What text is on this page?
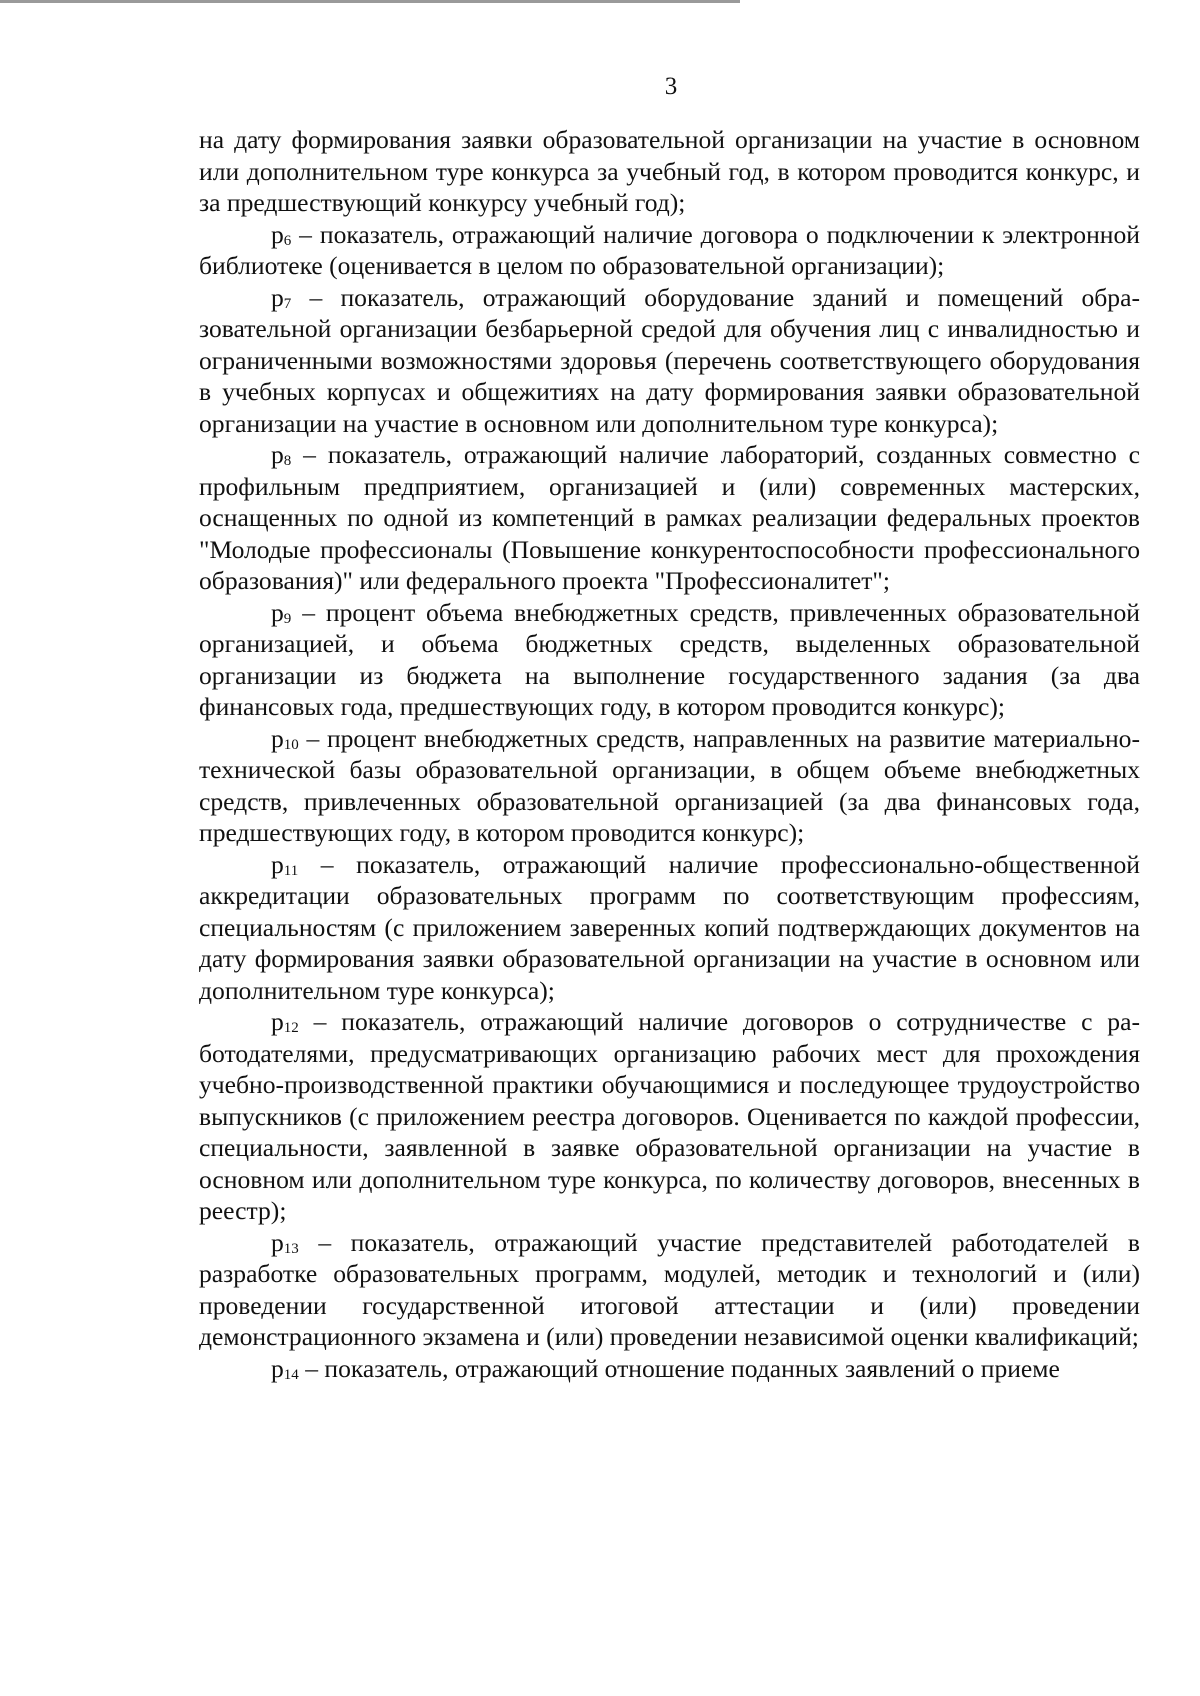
3

на дату формирования заявки образовательной организации на участие в основном или дополнительном туре конкурса за учебный год, в котором проводится конкурс, и за предшествующий конкурсу учебный год);

$p_6$ – показатель, отражающий наличие договора о подключении к электронной библиотеке (оценивается в целом по образовательной организации);

$p_7$ – показатель, отражающий оборудование зданий и помещений образовательной организации безбарьерной средой для обучения лиц с инвалидностью и ограниченными возможностями здоровья (перечень соответствующего оборудования в учебных корпусах и общежитиях на дату формирования заявки образовательной организации на участие в основном или дополнительном туре конкурса);

$p_8$ – показатель, отражающий наличие лабораторий, созданных совместно с профильным предприятием, организацией и (или) современных мастерских, оснащенных по одной из компетенций в рамках реализации федеральных проектов "Молодые профессионалы (Повышение конкурентоспособности профессионального образования)" или федерального проекта "Профессионалитет";

$p_9$ – процент объема внебюджетных средств, привлеченных образовательной организацией, и объема бюджетных средств, выделенных образовательной организации из бюджета на выполнение государственного задания (за два финансовых года, предшествующих году, в котором проводится конкурс);

$p_{10}$ – процент внебюджетных средств, направленных на развитие материально-технической базы образовательной организации, в общем объеме внебюджетных средств, привлеченных образовательной организацией (за два финансовых года, предшествующих году, в котором проводится конкурс);

$p_{11}$ – показатель, отражающий наличие профессионально-общественной аккредитации образовательных программ по соответствующим профессиям, специальностям (с приложением заверенных копий подтверждающих документов на дату формирования заявки образовательной организации на участие в основном или дополнительном туре конкурса);

$p_{12}$ – показатель, отражающий наличие договоров о сотрудничестве с работодателями, предусматривающих организацию рабочих мест для прохождения учебно-производственной практики обучающимися и последующее трудоустройство выпускников (с приложением реестра договоров. Оценивается по каждой профессии, специальности, заявленной в заявке образовательной организации на участие в основном или дополнительном туре конкурса, по количеству договоров, внесенных в реестр);

$p_{13}$ – показатель, отражающий участие представителей работодателей в разработке образовательных программ, модулей, методик и технологий и (или) проведении государственной итоговой аттестации и (или) проведении демонстрационного экзамена и (или) проведении независимой оценки квалификаций;

$p_{14}$ – показатель, отражающий отношение поданных заявлений о приеме
